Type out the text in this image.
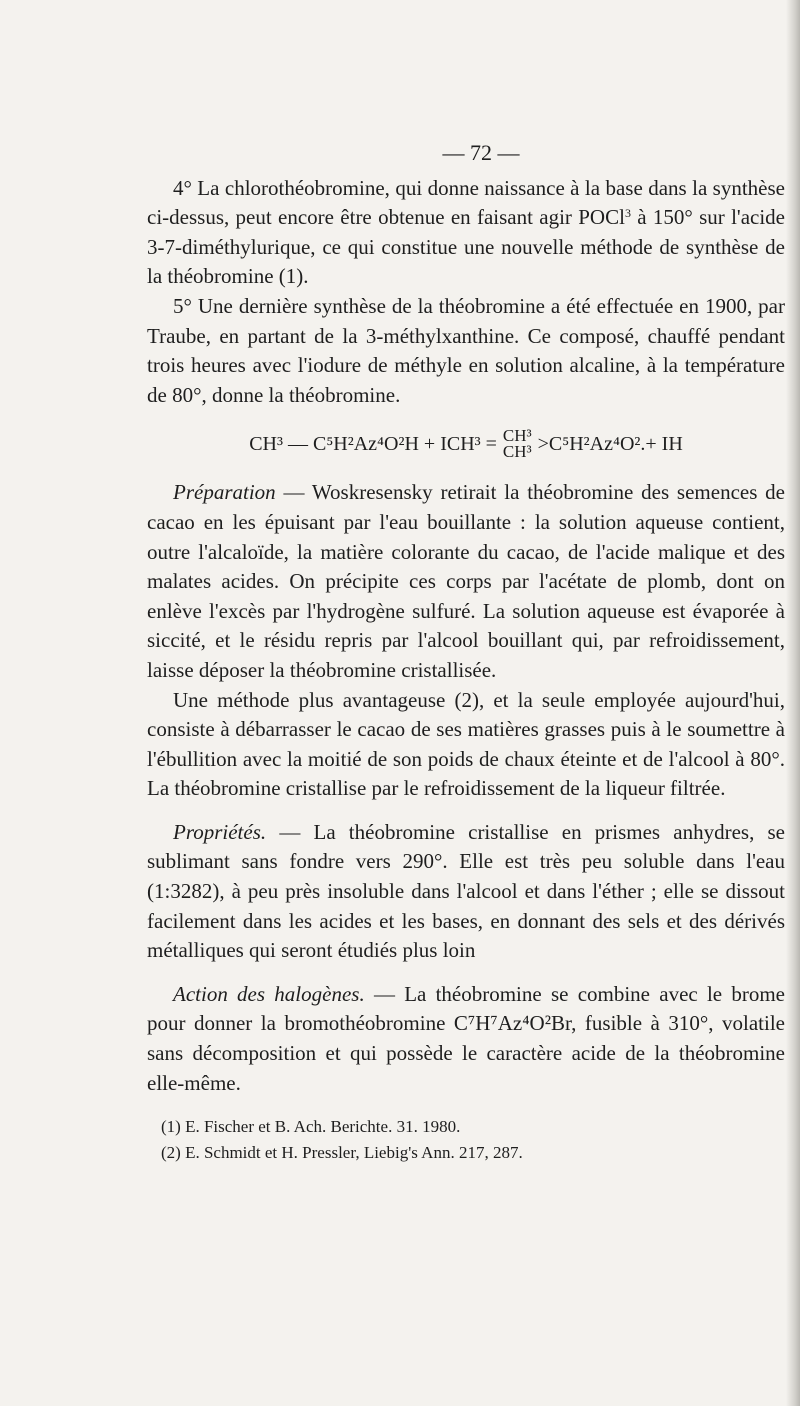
— 72 —

4° La chlorothéobromine, qui donne naissance à la base dans la synthèse ci-dessus, peut encore être obtenue en faisant agir POCl$^3$ à 150° sur l'acide 3-7-diméthylurique, ce qui constitue une nouvelle méthode de synthèse de la théobromine (1).

5° Une dernière synthèse de la théobromine a été effectuée en 1900, par Traube, en partant de la 3-méthylxanthine. Ce composé, chauffé pendant trois heures avec l'iodure de méthyle en solution alcaline, à la température de 80°, donne la théobromine.

CH³ — C⁵H²Az⁴O²H + ICH³ = CH³
CH³ >C⁵H²Az⁴O².+ IH

Préparation — Woskresensky retirait la théobromine des semences de cacao en les épuisant par l'eau bouillante : la solution aqueuse contient, outre l'alcaloïde, la matière colorante du cacao, de l'acide malique et des malates acides. On précipite ces corps par l'acétate de plomb, dont on enlève l'excès par l'hydrogène sulfuré. La solution aqueuse est évaporée à siccité, et le résidu repris par l'alcool bouillant qui, par refroidissement, laisse déposer la théobromine cristallisée.

Une méthode plus avantageuse (2), et la seule employée aujourd'hui, consiste à débarrasser le cacao de ses matières grasses puis à le soumettre à l'ébullition avec la moitié de son poids de chaux éteinte et de l'alcool à 80°. La théobromine cristallise par le refroidissement de la liqueur filtrée.

Propriétés. — La théobromine cristallise en prismes anhydres, se sublimant sans fondre vers 290°. Elle est très peu soluble dans l'eau (1:3282), à peu près insoluble dans l'alcool et dans l'éther ; elle se dissout facilement dans les acides et les bases, en donnant des sels et des dérivés métalliques qui seront étudiés plus loin

Action des halogènes. — La théobromine se combine avec le brome pour donner la bromothéobromine C⁷H⁷Az⁴O²Br, fusible à 310°, volatile sans décomposition et qui possède le caractère acide de la théobromine elle-même.

(1) E. Fischer et B. Ach. Berichte. 31. 1980.
(2) E. Schmidt et H. Pressler, Liebig's Ann. 217, 287.
